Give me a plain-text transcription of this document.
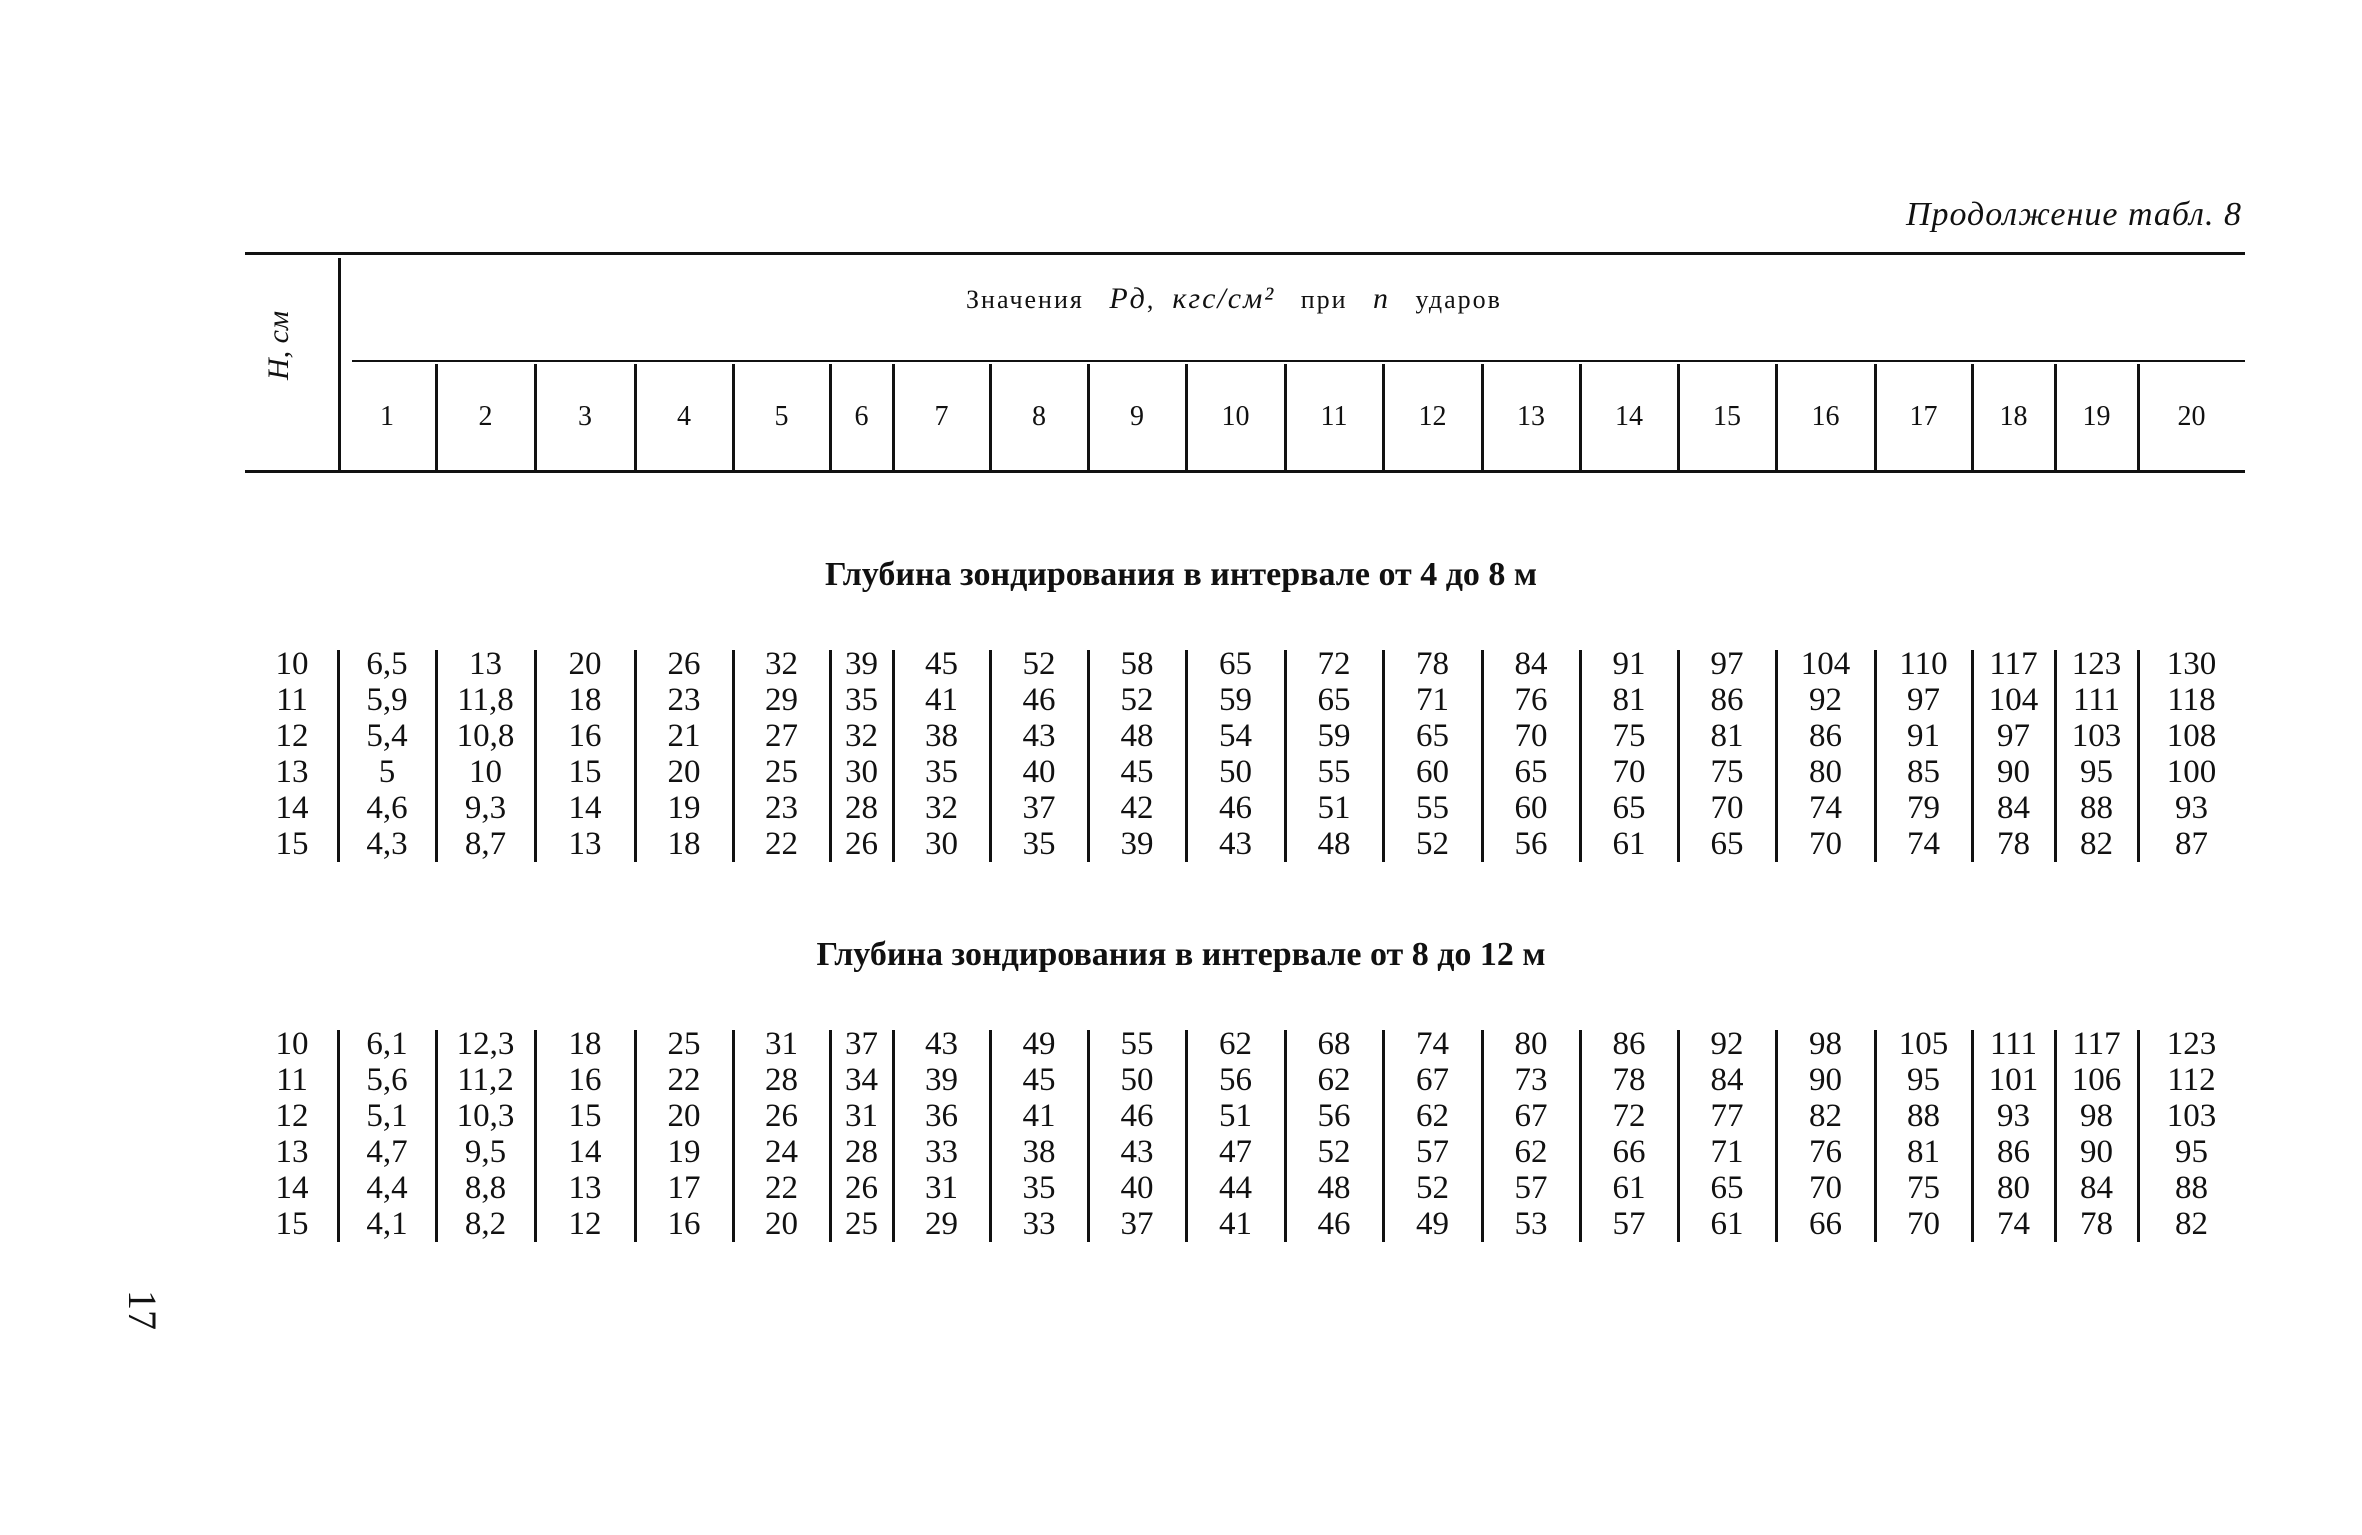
Продолжение табл. 8
H, см
Значения Pд,  кгс/см² при n ударов
1	2	3	4	5	6	7	8	9	10	11	12	13	14	15	16	17	18	19	20
Глубина зондирования в интервале от 4 до 8 м
10	6,5	13	20	26	32	39	45	52	58	65	72	78	84	91	97	104	110	117	123	130
11	5,9	11,8	18	23	29	35	41	46	52	59	65	71	76	81	86	92	97	104	111	118
12	5,4	10,8	16	21	27	32	38	43	48	54	59	65	70	75	81	86	91	97	103	108
13	5	10	15	20	25	30	35	40	45	50	55	60	65	70	75	80	85	90	95	100
14	4,6	9,3	14	19	23	28	32	37	42	46	51	55	60	65	70	74	79	84	88	93
15	4,3	8,7	13	18	22	26	30	35	39	43	48	52	56	61	65	70	74	78	82	87
Глубина зондирования в интервале от 8 до 12 м
10	6,1	12,3	18	25	31	37	43	49	55	62	68	74	80	86	92	98	105	111	117	123
11	5,6	11,2	16	22	28	34	39	45	50	56	62	67	73	78	84	90	95	101	106	112
12	5,1	10,3	15	20	26	31	36	41	46	51	56	62	67	72	77	82	88	93	98	103
13	4,7	9,5	14	19	24	28	33	38	43	47	52	57	62	66	71	76	81	86	90	95
14	4,4	8,8	13	17	22	26	31	35	40	44	48	52	57	61	65	70	75	80	84	88
15	4,1	8,2	12	16	20	25	29	33	37	41	46	49	53	57	61	66	70	74	78	82
17
